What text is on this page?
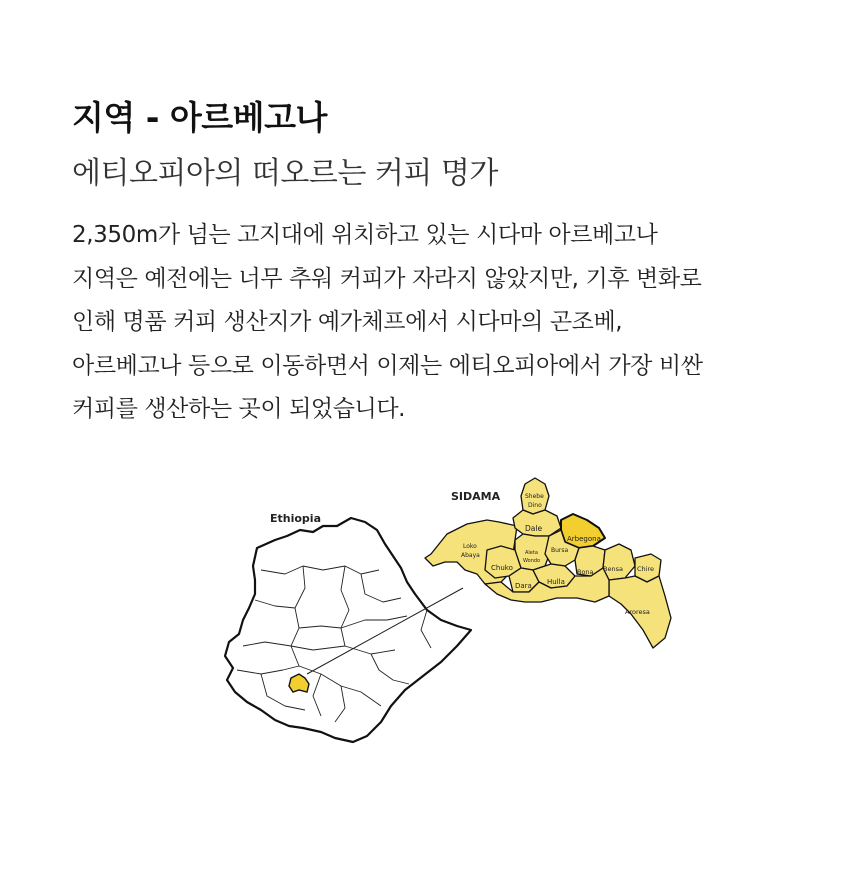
지역 - 아르베고나
에티오피아의 떠오르는 커피 명가
2,350m가 넘는 고지대에 위치하고 있는 시다마 아르베고나
지역은 예전에는 너무 추워 커피가 자라지 않았지만, 기후 변화로
인해 명품 커피 생산지가 예가체프에서 시다마의 곤조베,
아르베고나 등으로 이동하면서 이제는 에티오피아에서 가장 비싼
커피를 생산하는 곳이 되었습니다.
Ethiopia
SIDAMA	Shebe
Dino
Dale
Arbegona
Loko
Abaya	Aleta
Wondo
Bursa
Chuko	Bona Bensa Chire
Dara Hulla
Aroresa
